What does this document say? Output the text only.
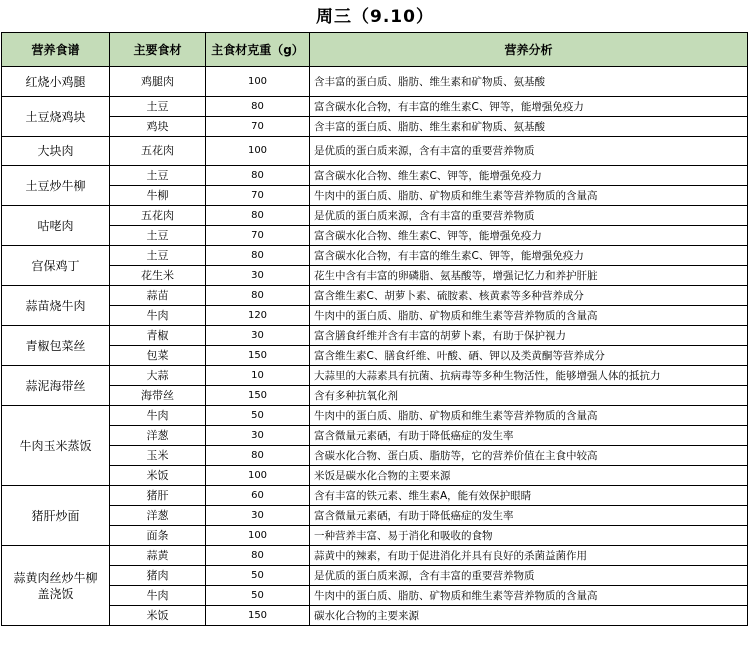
周三（9.10）
营养食谱	主要食材	主食材克重（g）	营养分析
红烧小鸡腿	鸡腿肉	100	含丰富的蛋白质、脂肪、维生素和矿物质、氨基酸
土豆烧鸡块	土豆	80	富含碳水化合物，有丰富的维生素C、钾等，能增强免疫力
	鸡块	70	含丰富的蛋白质、脂肪、维生素和矿物质、氨基酸
大块肉	五花肉	100	是优质的蛋白质来源，含有丰富的重要营养物质
土豆炒牛柳	土豆	80	富含碳水化合物、维生素C、钾等，能增强免疫力
	牛柳	70	牛肉中的蛋白质、脂肪、矿物质和维生素等营养物质的含量高
咕咾肉	五花肉	80	是优质的蛋白质来源，含有丰富的重要营养物质
	土豆	70	富含碳水化合物、维生素C、钾等，能增强免疫力
宫保鸡丁	土豆	80	富含碳水化合物，有丰富的维生素C、钾等，能增强免疫力
	花生米	30	花生中含有丰富的卵磷脂、氨基酸等，增强记忆力和养护肝脏
蒜苗烧牛肉	蒜苗	80	富含维生素C、胡萝卜素、硫胺素、核黄素等多种营养成分
	牛肉	120	牛肉中的蛋白质、脂肪、矿物质和维生素等营养物质的含量高
青椒包菜丝	青椒	30	富含膳食纤维并含有丰富的胡萝卜素，有助于保护视力
	包菜	150	富含维生素C、膳食纤维、叶酸、硒、钾以及类黄酮等营养成分
蒜泥海带丝	大蒜	10	大蒜里的大蒜素具有抗菌、抗病毒等多种生物活性，能够增强人体的抵抗力
	海带丝	150	含有多种抗氧化剂
牛肉玉米蒸饭	牛肉	50	牛肉中的蛋白质、脂肪、矿物质和维生素等营养物质的含量高
	洋葱	30	富含微量元素硒，有助于降低癌症的发生率
	玉米	80	含碳水化合物、蛋白质、脂肪等，它的营养价值在主食中较高
	米饭	100	米饭是碳水化合物的主要来源
猪肝炒面	猪肝	60	含有丰富的铁元素、维生素A，能有效保护眼睛
	洋葱	30	富含微量元素硒，有助于降低癌症的发生率
	面条	100	一种营养丰富、易于消化和吸收的食物
蒜黄肉丝炒牛柳盖浇饭	蒜黄	80	蒜黄中的辣素，有助于促进消化并具有良好的杀菌益菌作用
	猪肉	50	是优质的蛋白质来源，含有丰富的重要营养物质
	牛肉	50	牛肉中的蛋白质、脂肪、矿物质和维生素等营养物质的含量高
	米饭	150	碳水化合物的主要来源
